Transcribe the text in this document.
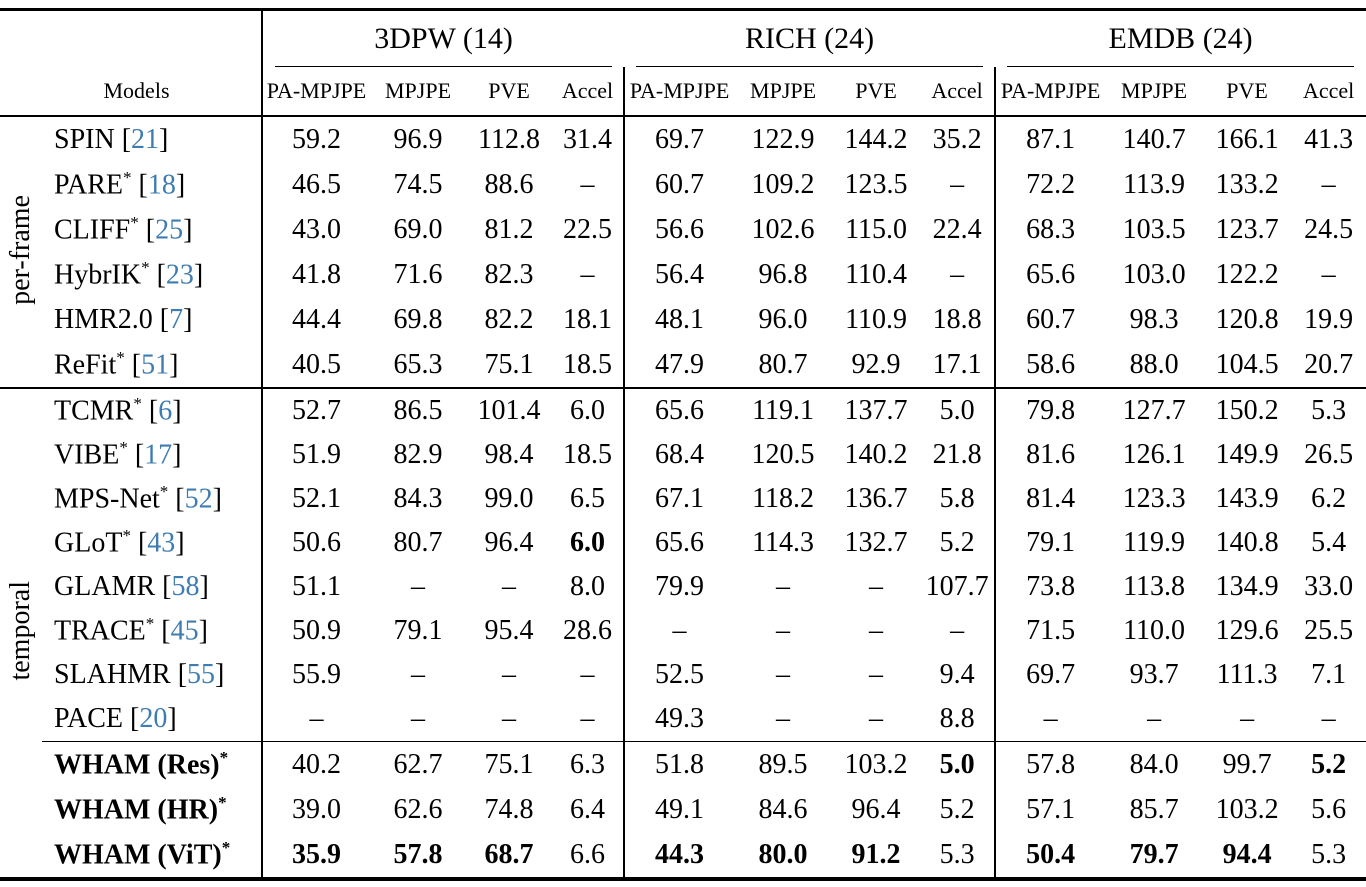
3DPW (14)				RICH (24)				EMDB (24)			

Models		PA-MPJPE	MPJPE	PVE	Accel	PA-MPJPE	MPJPE	PVE	Accel	PA-MPJPE	MPJPE	PVE	Accel
per-frame	SPIN [21]	59.2	96.9	112.8	31.4	69.7	122.9	144.2	35.2	87.1	140.7	166.1	41.3
	PARE* [18]	46.5	74.5	88.6	–	60.7	109.2	123.5	–	72.2	113.9	133.2	–
	CLIFF* [25]	43.0	69.0	81.2	22.5	56.6	102.6	115.0	22.4	68.3	103.5	123.7	24.5
	HybrIK* [23]	41.8	71.6	82.3	–	56.4	96.8	110.4	–	65.6	103.0	122.2	–
	HMR2.0 [7]	44.4	69.8	82.2	18.1	48.1	96.0	110.9	18.8	60.7	98.3	120.8	19.9
	ReFit* [51]	40.5	65.3	75.1	18.5	47.9	80.7	92.9	17.1	58.6	88.0	104.5	20.7
temporal	TCMR* [6]	52.7	86.5	101.4	6.0	65.6	119.1	137.7	5.0	79.8	127.7	150.2	5.3
	VIBE* [17]	51.9	82.9	98.4	18.5	68.4	120.5	140.2	21.8	81.6	126.1	149.9	26.5
	MPS-Net* [52]	52.1	84.3	99.0	6.5	67.1	118.2	136.7	5.8	81.4	123.3	143.9	6.2
	GLoT* [43]	50.6	80.7	96.4	6.0	65.6	114.3	132.7	5.2	79.1	119.9	140.8	5.4
	GLAMR [58]	51.1	–	–	8.0	79.9	–	–	107.7	73.8	113.8	134.9	33.0
	TRACE* [45]	50.9	79.1	95.4	28.6	–	–	–	–	71.5	110.0	129.6	25.5
	SLAHMR [55]	55.9	–	–	–	52.5	–	–	9.4	69.7	93.7	111.3	7.1
	PACE [20]	–	–	–	–	49.3	–	–	8.8	–	–	–	–
	WHAM (Res)*	40.2	62.7	75.1	6.3	51.8	89.5	103.2	5.0	57.8	84.0	99.7	5.2
	WHAM (HR)*	39.0	62.6	74.8	6.4	49.1	84.6	96.4	5.2	57.1	85.7	103.2	5.6
	WHAM (ViT)*	35.9	57.8	68.7	6.6	44.3	80.0	91.2	5.3	50.4	79.7	94.4	5.3
